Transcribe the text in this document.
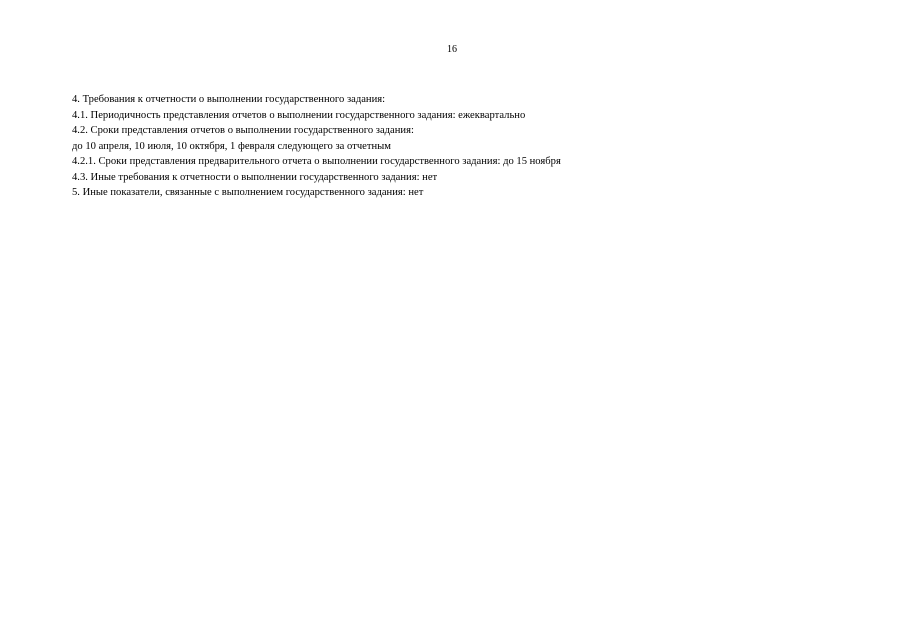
16

4. Требования к отчетности о выполнении государственного задания:

4.1. Периодичность представления отчетов о выполнении государственного задания: ежеквартально

4.2. Сроки представления отчетов о выполнении государственного задания:

до 10 апреля, 10 июля, 10 октября, 1 февраля следующего за отчетным

4.2.1. Сроки представления предварительного отчета о выполнении государственного задания: до 15 ноября

4.3. Иные требования к отчетности о выполнении государственного задания: нет

5. Иные показатели, связанные с выполнением государственного задания: нет
